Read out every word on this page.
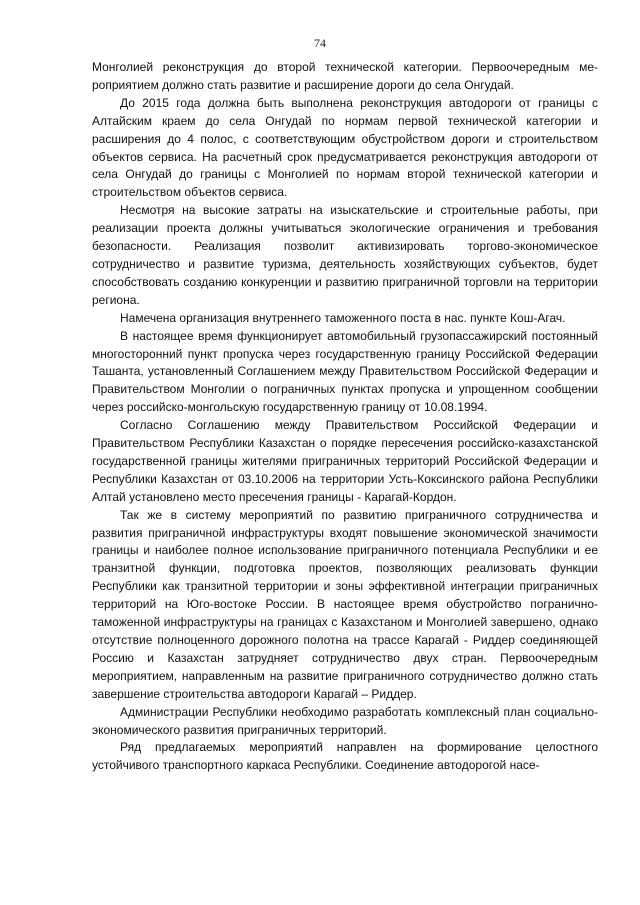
74

Монголией реконструкция до второй технической категории. Первоочередным мероприятием должно стать развитие и расширение дороги до села Онгудай.

До 2015 года должна быть выполнена реконструкция автодороги от границы с Алтайским краем до села Онгудай по нормам первой технической категории и расширения до 4 полос, с соответствующим обустройством дороги и строительством объектов сервиса. На расчетный срок предусматривается реконструкция автодороги от села Онгудай до границы с Монголией по нормам второй технической категории и строительством объектов сервиса.

Несмотря на высокие затраты на изыскательские и строительные работы, при реализации проекта должны учитываться экологические ограничения и требования безопасности. Реализация позволит активизировать торгово-экономическое сотрудничество и развитие туризма, деятельность хозяйствующих субъектов, будет способствовать созданию конкуренции и развитию приграничной торговли на территории региона.

Намечена организация внутреннего таможенного поста в нас. пункте Кош-Агач.

В настоящее время функционирует автомобильный грузопассажирский постоянный многосторонний пункт пропуска через государственную границу Российской Федерации Ташанта, установленный Соглашением между Правительством Российской Федерации и Правительством Монголии о пограничных пунктах пропуска и упрощенном сообщении через российско-монгольскую государственную границу от 10.08.1994.

Согласно Соглашению между Правительством Российской Федерации и Правительством Республики Казахстан о порядке пересечения российско-казахстанской государственной границы жителями приграничных территорий Российской Федерации и Республики Казахстан от 03.10.2006 на территории Усть-Коксинского района Республики Алтай установлено место пресечения границы - Карагай-Кордон.

Так же в систему мероприятий по развитию приграничного сотрудничества и развития приграничной инфраструктуры входят повышение экономической значимости границы и наиболее полное использование приграничного потенциала Республики и ее транзитной функции, подготовка проектов, позволяющих реализовать функции Республики как транзитной территории и зоны эффективной интеграции приграничных территорий на Юго-востоке России. В настоящее время обустройство погранично-таможенной инфраструктуры на границах с Казахстаном и Монголией завершено, однако отсутствие полноценного дорожного полотна на трассе Карагай - Риддер соединяющей Россию и Казахстан затрудняет сотрудничество двух стран. Первоочередным мероприятием, направленным на развитие приграничного сотрудничество должно стать завершение строительства автодороги Карагай – Риддер.

Администрации Республики необходимо разработать комплексный план социально-экономического развития приграничных территорий.

Ряд предлагаемых мероприятий направлен на формирование целостного устойчивого транспортного каркаса Республики. Соединение автодорогой насе-
